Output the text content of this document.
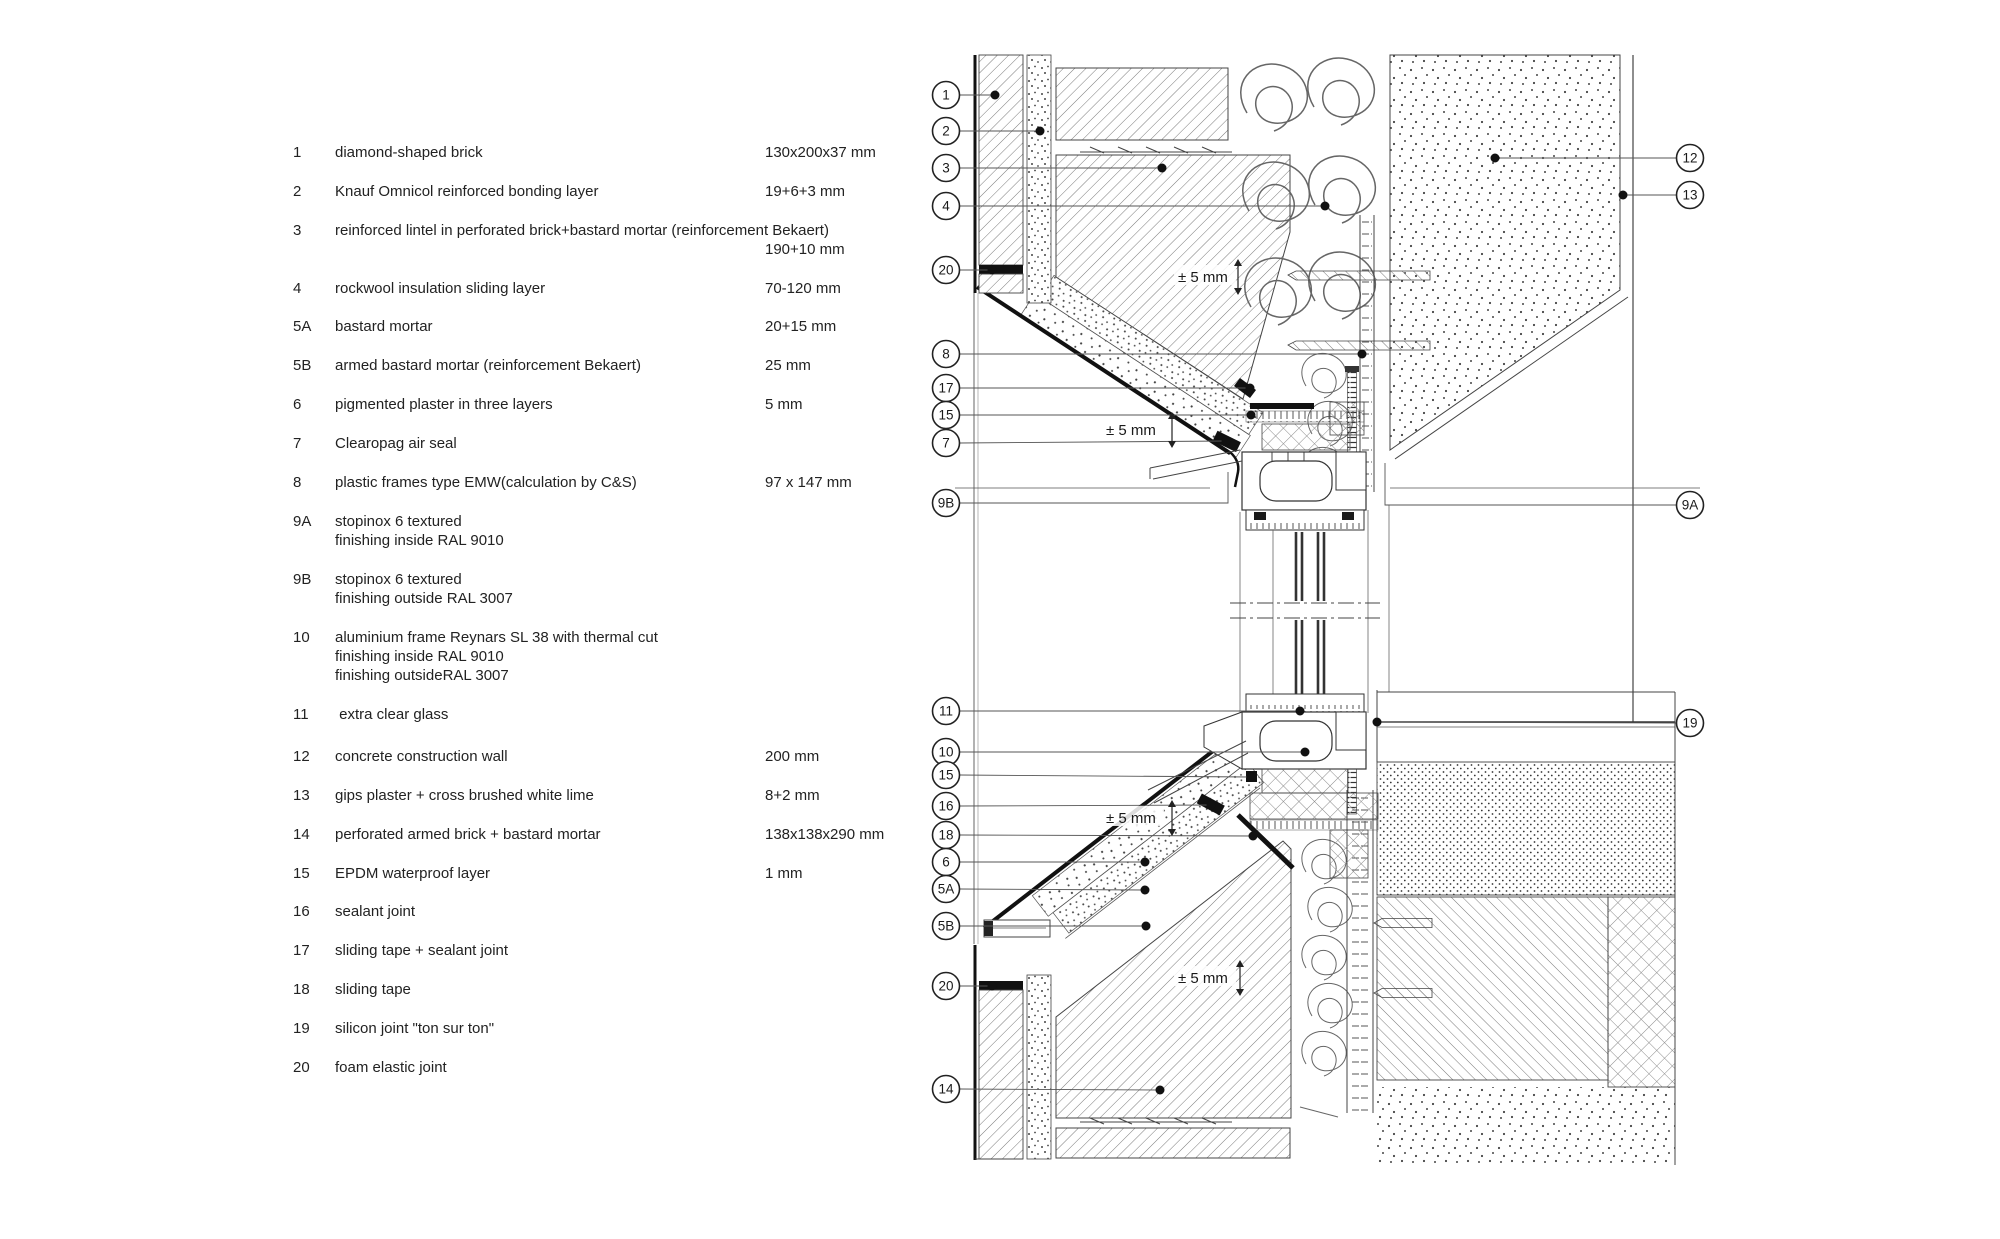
1 diamond-shaped brick	130x200x37 mm
2 Knauf Omnicol reinforced bonding layer	19+6+3 mm
3 reinforced lintel in perforated brick+bastard mortar (reinforcement Bekaert)
190+10 mm
4 rockwool insulation sliding layer	70-120 mm
5A bastard mortar	20+15 mm
5B armed bastard mortar (reinforcement Bekaert)	25 mm
6 pigmented plaster in three layers	5 mm
7 Clearopag air seal
8 plastic frames type EMW(calculation by C&S)	97 x 147 mm
9A stopinox 6 textured
finishing inside RAL 9010
9B stopinox 6 textured
finishing outside RAL 3007
10 aluminium frame Reynars SL 38 with thermal cut
finishing inside RAL 9010
finishing outsideRAL 3007
11 extra clear glass
12 concrete construction wall	200 mm
13 gips plaster + cross brushed white lime	8+2 mm
14 perforated armed brick + bastard mortar	138x138x290 mm
15 EPDM waterproof layer	1 mm
16 sealant joint
17 sliding tape + sealant joint
18 sliding tape
19 silicon joint "ton sur ton"
20 foam elastic joint
1
2
3
4
20
8
17
15
7
9B
11
10
15
16
18
6
5A
5B
20
14
12
13
9A
19
± 5 mm
± 5 mm
± 5 mm
± 5 mm
